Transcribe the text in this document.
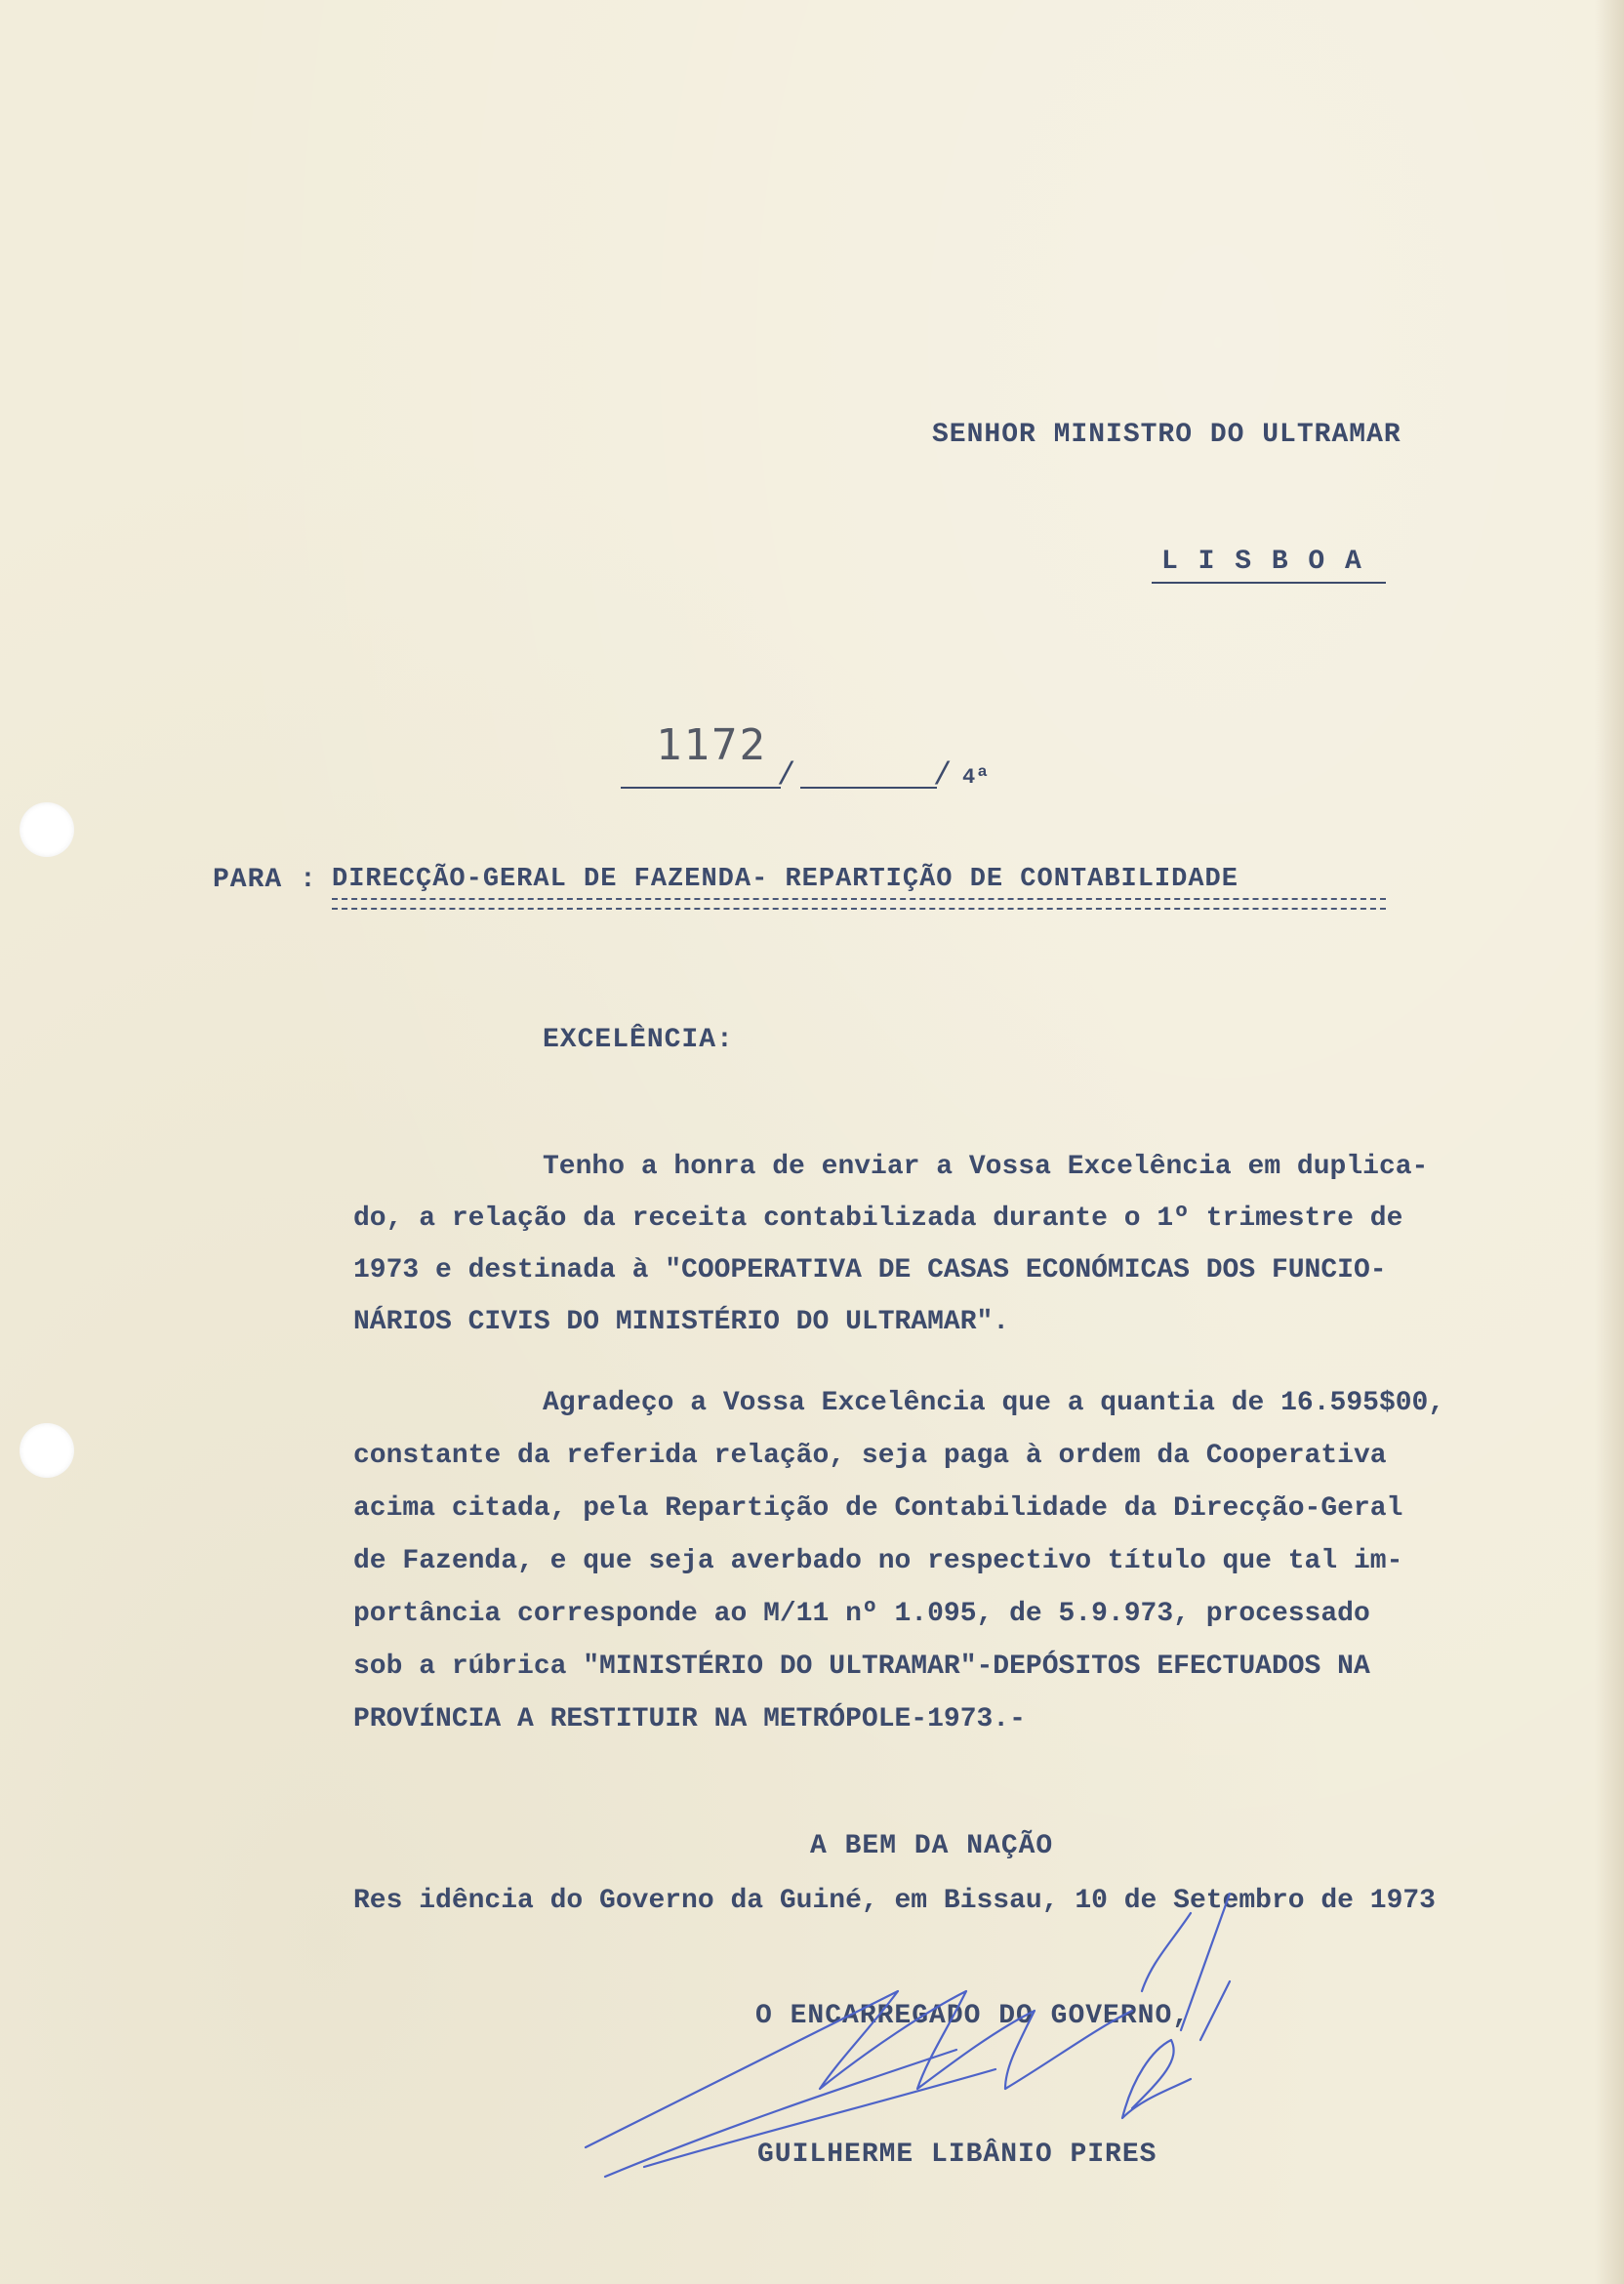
SENHOR MINISTRO DO ULTRAMAR
L I S B O A
1172
/	/ 4ª
PARA : DIRECÇÃO-GERAL DE FAZENDA- REPARTIÇÃO DE CONTABILIDADE
EXCELÊNCIA:
Tenho a honra de enviar a Vossa Excelência em duplica-
do, a relação da receita contabilizada durante o 1º trimestre de
1973 e destinada à "COOPERATIVA DE CASAS ECONÓMICAS DOS FUNCIO-
NÁRIOS CIVIS DO MINISTÉRIO DO ULTRAMAR".
Agradeço a Vossa Excelência que a quantia de 16.595$00,
constante da referida relação, seja paga à ordem da Cooperativa
acima citada, pela Repartição de Contabilidade da Direcção-Geral
de Fazenda, e que seja averbado no respectivo título que tal im-
portância corresponde ao M/11 nº 1.095, de 5.9.973, processado
sob a rúbrica "MINISTÉRIO DO ULTRAMAR"-DEPÓSITOS EFECTUADOS NA
PROVÍNCIA A RESTITUIR NA METRÓPOLE-1973.-
A BEM DA NAÇÃO
Res idência do Governo da Guiné, em Bissau, 10 de Setembro de 1973
O ENCARREGADO DO GOVERNO,
GUILHERME LIBÂNIO PIRES
